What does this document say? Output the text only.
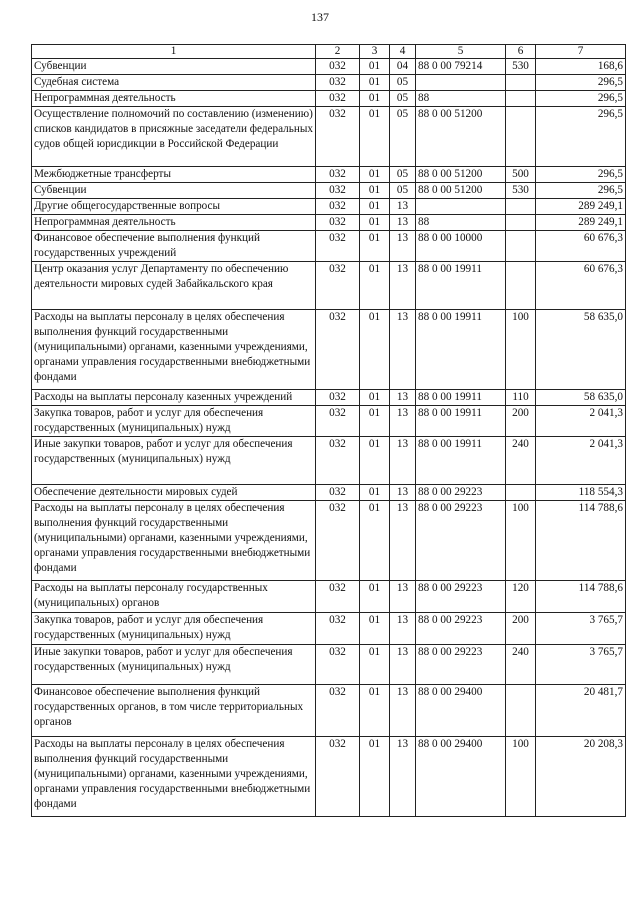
137
1	2	3	4	5	6	7
Субвенции	032	01	04	88 0 00 79214	530	168,6
Судебная система	032	01	05			296,5
Непрограммная деятельность	032	01	05	88		296,5
Осуществление полномочий по составлению (изменению) списков кандидатов в присяжные заседатели федеральных судов общей юрисдикции в Российской Федерации	032	01	05	88 0 00 51200		296,5
Межбюджетные трансферты	032	01	05	88 0 00 51200	500	296,5
Субвенции	032	01	05	88 0 00 51200	530	296,5
Другие общегосударственные вопросы	032	01	13			289 249,1
Непрограммная деятельность	032	01	13	88		289 249,1
Финансовое обеспечение выполнения функций государственных учреждений	032	01	13	88 0 00 10000		60 676,3
Центр оказания услуг Департаменту по обеспечению деятельности мировых судей Забайкальского края	032	01	13	88 0 00 19911		60 676,3
Расходы на выплаты персоналу в целях обеспечения выполнения функций государственными (муниципальными) органами, казенными учреждениями, органами управления государственными внебюджетными фондами	032	01	13	88 0 00 19911	100	58 635,0
Расходы на выплаты персоналу казенных учреждений	032	01	13	88 0 00 19911	110	58 635,0
Закупка товаров, работ и услуг для обеспечения государственных (муниципальных) нужд	032	01	13	88 0 00 19911	200	2 041,3
Иные закупки товаров, работ и услуг для обеспечения государственных (муниципальных) нужд	032	01	13	88 0 00 19911	240	2 041,3
Обеспечение деятельности мировых судей	032	01	13	88 0 00 29223		118 554,3
Расходы на выплаты персоналу в целях обеспечения выполнения функций государственными (муниципальными) органами, казенными учреждениями, органами управления государственными внебюджетными фондами	032	01	13	88 0 00 29223	100	114 788,6
Расходы на выплаты персоналу государственных (муниципальных) органов	032	01	13	88 0 00 29223	120	114 788,6
Закупка товаров, работ и услуг для обеспечения государственных (муниципальных) нужд	032	01	13	88 0 00 29223	200	3 765,7
Иные закупки товаров, работ и услуг для обеспечения государственных (муниципальных) нужд	032	01	13	88 0 00 29223	240	3 765,7
Финансовое обеспечение выполнения функций государственных органов, в том числе территориальных органов	032	01	13	88 0 00 29400		20 481,7
Расходы на выплаты персоналу в целях обеспечения выполнения функций государственными (муниципальными) органами, казенными учреждениями, органами управления государственными внебюджетными фондами	032	01	13	88 0 00 29400	100	20 208,3
